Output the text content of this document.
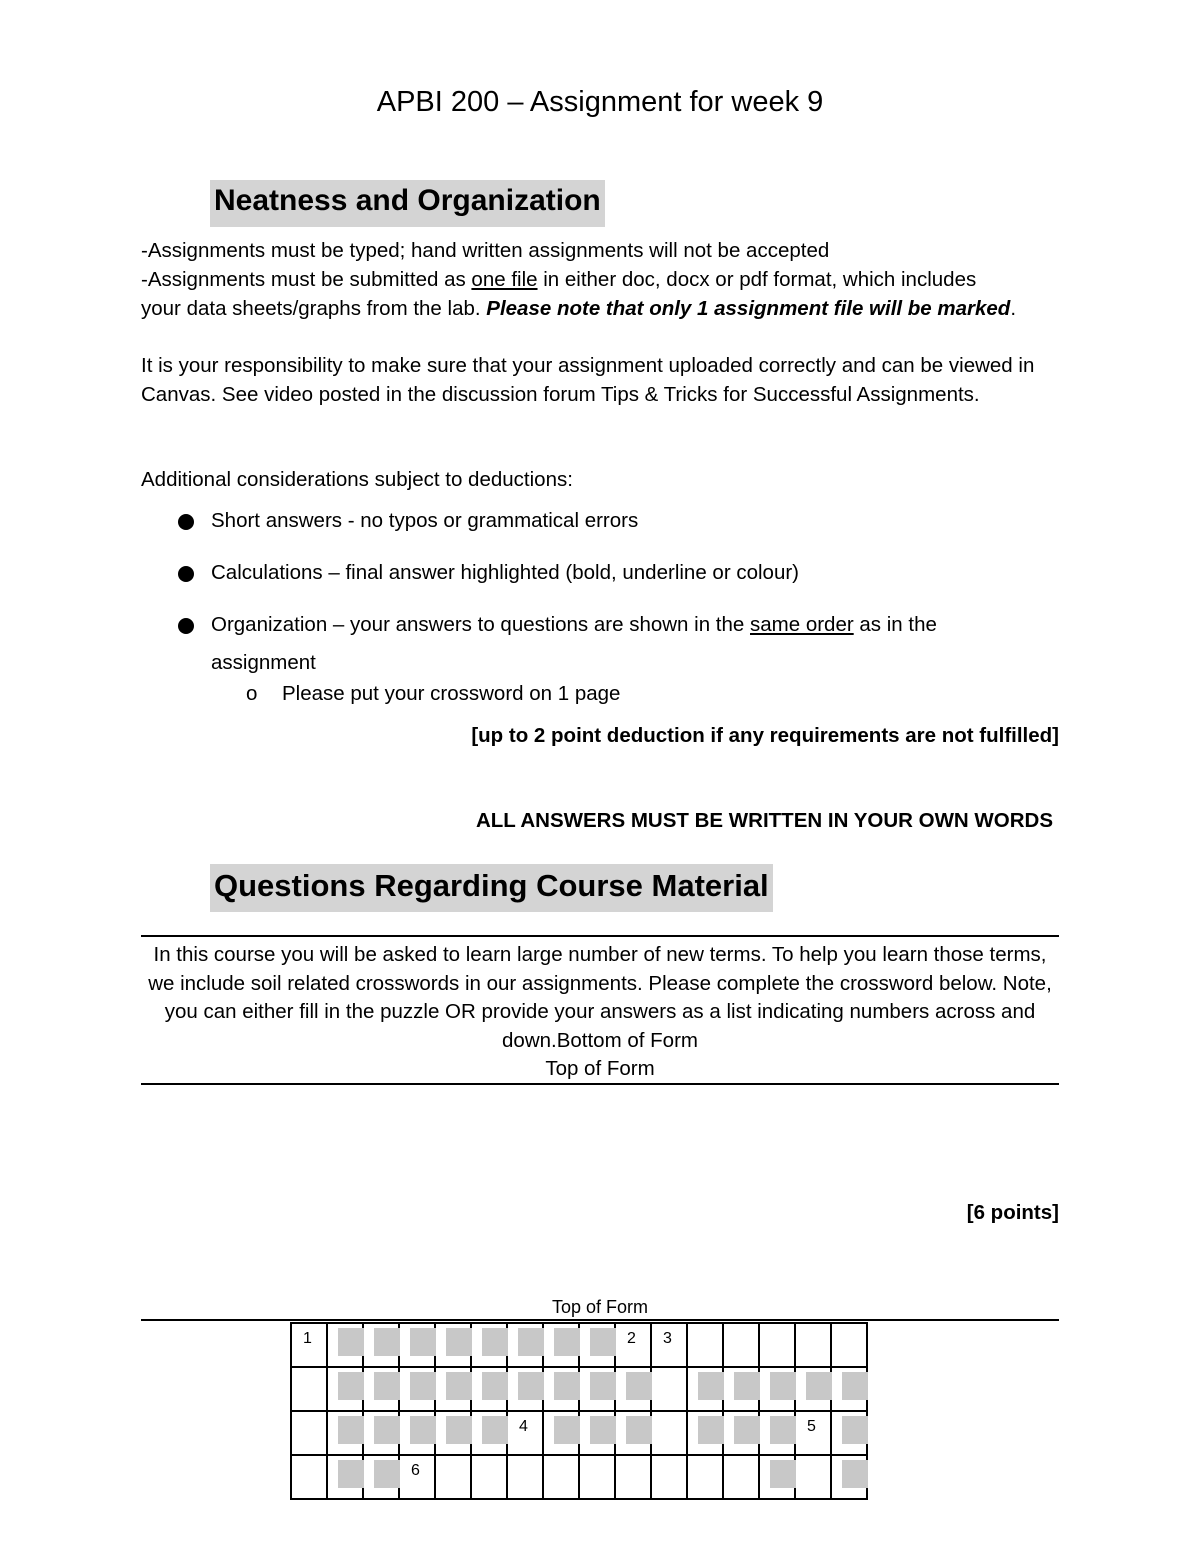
APBI 200 – Assignment for week 9
Neatness and Organization
-Assignments must be typed; hand written assignments will not be accepted
-Assignments must be submitted as one file in either doc, docx or pdf format, which includes
your data sheets/graphs from the lab. Please note that only 1 assignment file will be marked.
It is your responsibility to make sure that your assignment uploaded correctly and can be viewed in Canvas. See video posted in the discussion forum Tips & Tricks for Successful Assignments.
Additional considerations subject to deductions:
Short answers - no typos or grammatical errors
Calculations – final answer highlighted (bold, underline or colour)
Organization – your answers to questions are shown in the same order as in the
assignment
o Please put your crossword on 1 page
[up to 2 point deduction if any requirements are not fulfilled]
ALL ANSWERS MUST BE WRITTEN IN YOUR OWN WORDS
Questions Regarding Course Material
In this course you will be asked to learn large number of new terms. To help you learn those terms, we include soil related crosswords in our assignments. Please complete the crossword below. Note, you can either fill in the puzzle OR provide your answers as a list indicating numbers across and down.Bottom of Form
Top of Form
[6 points]
Top of Form
1									2	3					

						4								5	

			6												
